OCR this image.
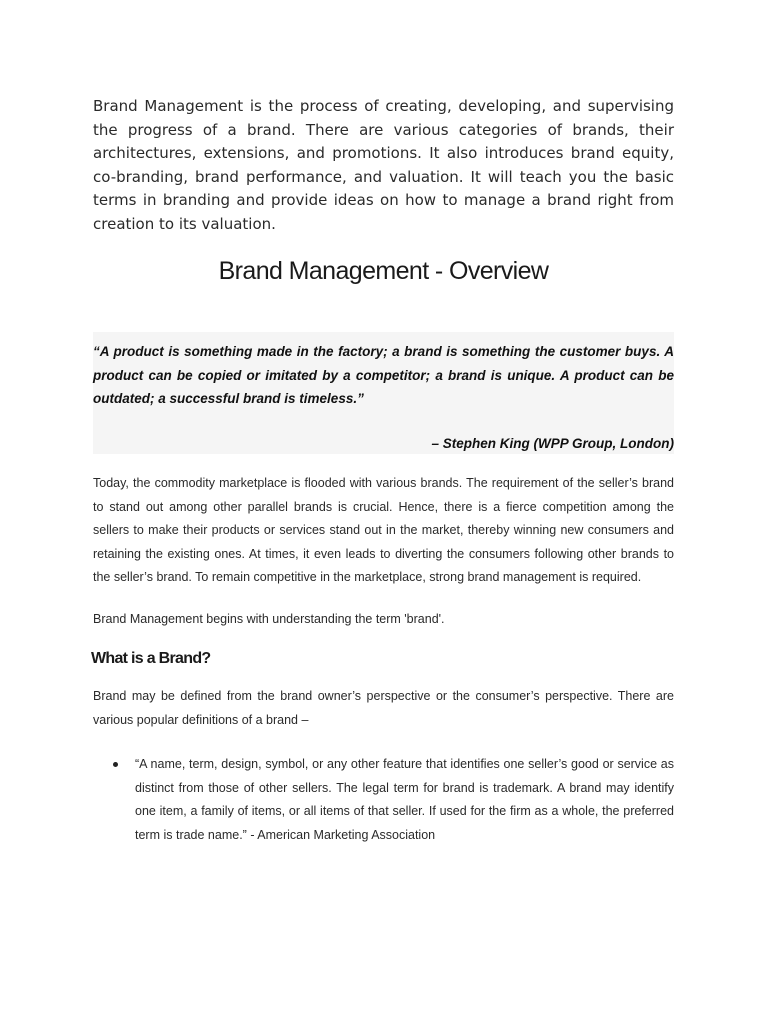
Brand Management is the process of creating, developing, and supervising the progress of a brand. There are various categories of brands, their architectures, extensions, and promotions. It also introduces brand equity, co-branding, brand performance, and valuation. It will teach you the basic terms in branding and provide ideas on how to manage a brand right from creation to its valuation.

Brand Management - Overview

“A product is something made in the factory; a brand is something the customer buys. A product can be copied or imitated by a competitor; a brand is unique. A product can be outdated; a successful brand is timeless.”

– Stephen King (WPP Group, London)

Today, the commodity marketplace is flooded with various brands. The requirement of the seller’s brand to stand out among other parallel brands is crucial. Hence, there is a fierce competition among the sellers to make their products or services stand out in the market, thereby winning new consumers and retaining the existing ones. At times, it even leads to diverting the consumers following other brands to the seller’s brand. To remain competitive in the marketplace, strong brand management is required.

Brand Management begins with understanding the term 'brand'.

What is a Brand?

Brand may be defined from the brand owner’s perspective or the consumer’s perspective. There are various popular definitions of a brand –

“A name, term, design, symbol, or any other feature that identifies one seller’s good or service as distinct from those of other sellers. The legal term for brand is trademark. A brand may identify one item, a family of items, or all items of that seller. If used for the firm as a whole, the preferred term is trade name.” - American Marketing Association
